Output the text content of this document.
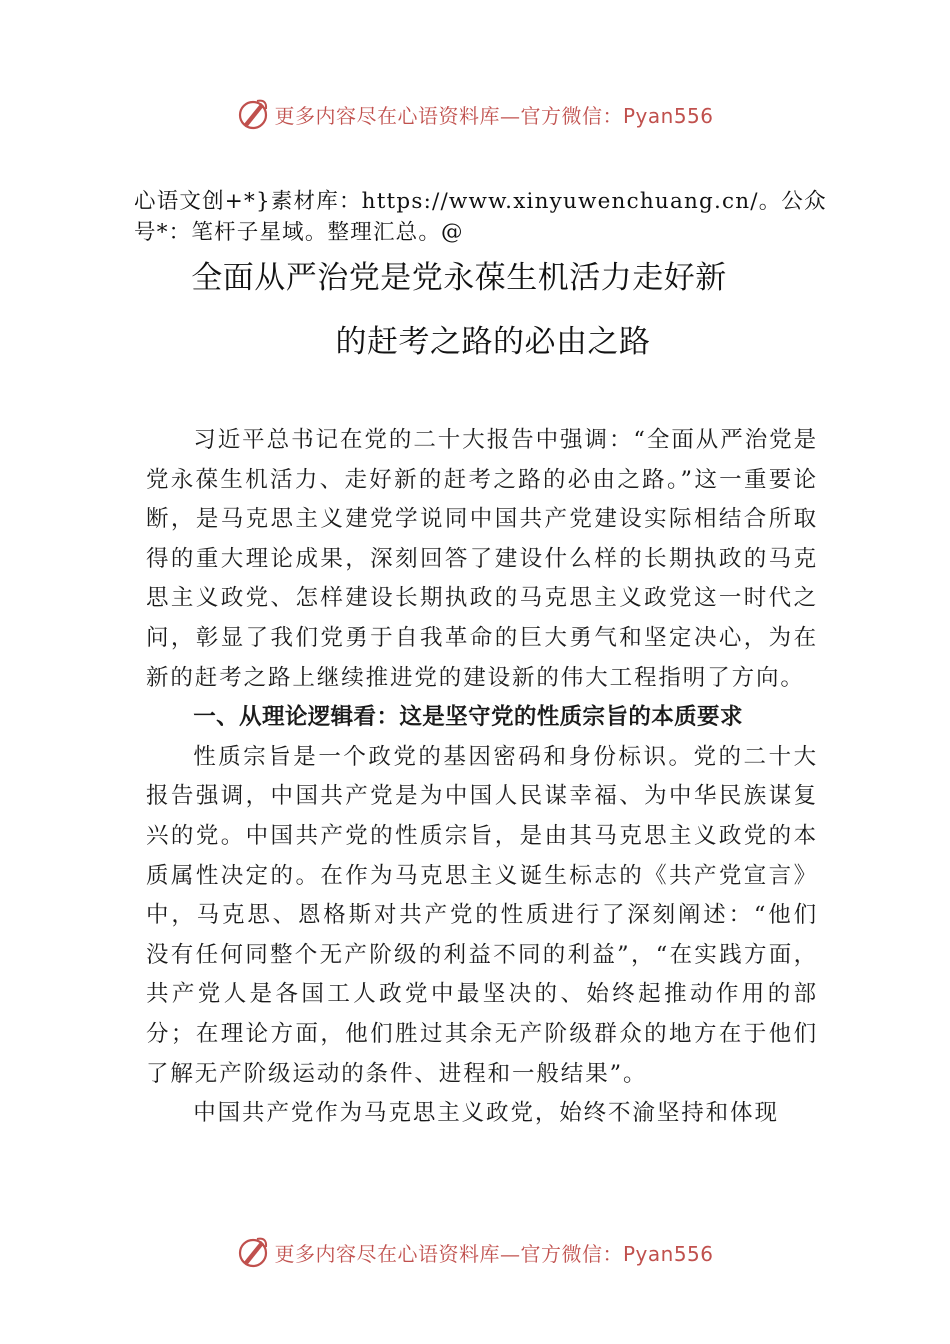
更多内容尽在心语资料库—官方微信：Pyan556
心语文创+*}素材库：https://www.xinyuwenchuang.cn/。公众号*：笔杆子星域。整理汇总。@
全面从严治党是党永葆生机活力走好新
的赶考之路的必由之路

习近平总书记在党的二十大报告中强调：“全面从严治党是党永葆生机活力、走好新的赶考之路的必由之路。”这一重要论断，是马克思主义建党学说同中国共产党建设实际相结合所取得的重大理论成果，深刻回答了建设什么样的长期执政的马克思主义政党、怎样建设长期执政的马克思主义政党这一时代之问，彰显了我们党勇于自我革命的巨大勇气和坚定决心，为在新的赶考之路上继续推进党的建设新的伟大工程指明了方向。

一、从理论逻辑看：这是坚守党的性质宗旨的本质要求

性质宗旨是一个政党的基因密码和身份标识。党的二十大报告强调，中国共产党是为中国人民谋幸福、为中华民族谋复兴的党。中国共产党的性质宗旨，是由其马克思主义政党的本质属性决定的。在作为马克思主义诞生标志的《共产党宣言》中，马克思、恩格斯对共产党的性质进行了深刻阐述：“他们没有任何同整个无产阶级的利益不同的利益”，“在实践方面，共产党人是各国工人政党中最坚决的、始终起推动作用的部分；在理论方面，他们胜过其余无产阶级群众的地方在于他们了解无产阶级运动的条件、进程和一般结果”。

中国共产党作为马克思主义政党，始终不渝坚持和体现

更多内容尽在心语资料库—官方微信：Pyan556
